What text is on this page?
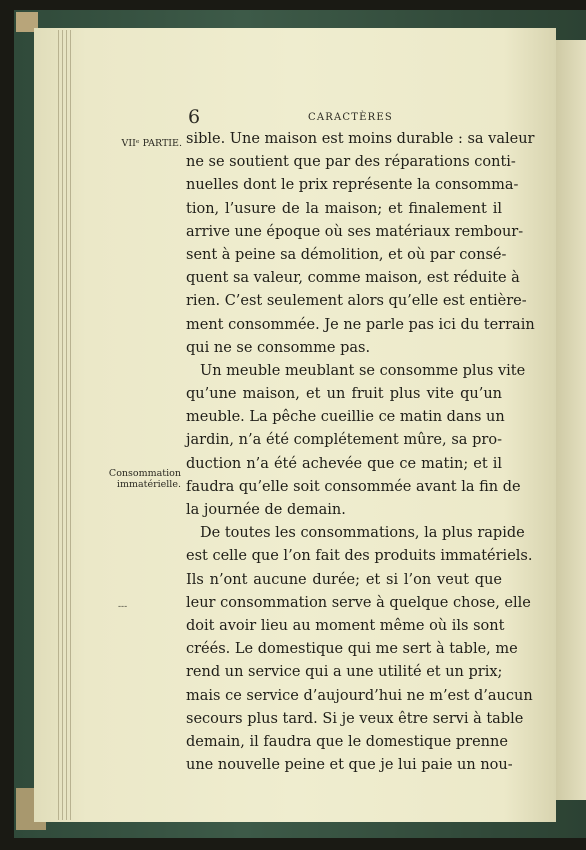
6	CARACTÈRES
VIIᵉ PARTIE.
Consommation immatérielle.
---
sible. Une maison est moins durable : sa valeur
ne se soutient que par des réparations conti-
nuelles dont le prix représente la consomma-
tion, l’usure de la maison; et finalement il
arrive une époque où ses matériaux rembour-
sent à peine sa démolition, et où par consé-
quent sa valeur, comme maison, est réduite à
rien. C’est seulement alors qu’elle est entière-
ment consommée. Je ne parle pas ici du terrain
qui ne se consomme pas.
Un meuble meublant se consomme plus vite
qu’une maison, et un fruit plus vite qu’un
meuble. La pêche cueillie ce matin dans un
jardin, n’a été complétement mûre, sa pro-
duction n’a été achevée que ce matin; et il
faudra qu’elle soit consommée avant la fin de
la journée de demain.
De toutes les consommations, la plus rapide
est celle que l’on fait des produits immatériels.
Ils n’ont aucune durée; et si l’on veut que
leur consommation serve à quelque chose, elle
doit avoir lieu au moment même où ils sont
créés. Le domestique qui me sert à table, me
rend un service qui a une utilité et un prix;
mais ce service d’aujourd’hui ne m’est d’aucun
secours plus tard. Si je veux être servi à table
demain, il faudra que le domestique prenne
une nouvelle peine et que je lui paie un nou-
